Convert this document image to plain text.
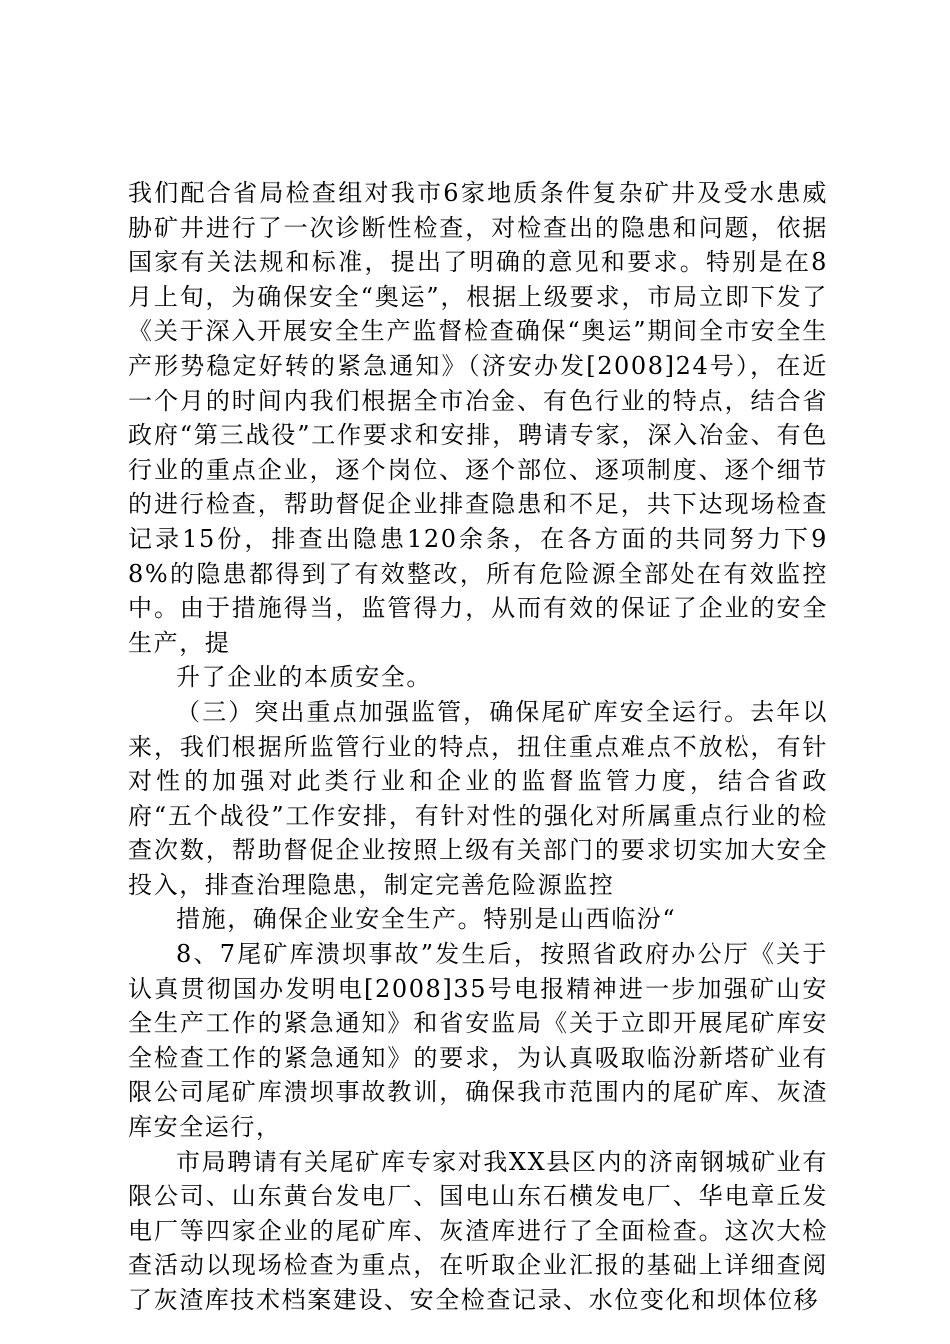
我们配合省局检查组对我市6家地质条件复杂矿井及受水患威胁矿井进行了一次诊断性检查，对检查出的隐患和问题，依据国家有关法规和标准，提出了明确的意见和要求。特别是在8月上旬，为确保安全“奥运”，根据上级要求，市局立即下发了《关于深入开展安全生产监督检查确保“奥运”期间全市安全生产形势稳定好转的紧急通知》（济安办发[2008]24号），在近一个月的时间内我们根据全市冶金、有色行业的特点，结合省政府“第三战役”工作要求和安排，聘请专家，深入冶金、有色行业的重点企业，逐个岗位、逐个部位、逐项制度、逐个细节的进行检查，帮助督促企业排查隐患和不足，共下达现场检查记录15份，排查出隐患120余条，在各方面的共同努力下98%的隐患都得到了有效整改，所有危险源全部处在有效监控中。由于措施得当，监管得力，从而有效的保证了企业的安全生产，提

升了企业的本质安全。

（三）突出重点加强监管，确保尾矿库安全运行。去年以来，我们根据所监管行业的特点，扭住重点难点不放松，有针对性的加强对此类行业和企业的监督监管力度，结合省政府“五个战役”工作安排，有针对性的强化对所属重点行业的检查次数，帮助督促企业按照上级有关部门的要求切实加大安全投入，排查治理隐患，制定完善危险源监控

措施，确保企业安全生产。特别是山西临汾“

8、7尾矿库溃坝事故”发生后，按照省政府办公厅《关于认真贯彻国办发明电[2008]35号电报精神进一步加强矿山安全生产工作的紧急通知》和省安监局《关于立即开展尾矿库安全检查工作的紧急通知》的要求，为认真吸取临汾新塔矿业有限公司尾矿库溃坝事故教训，确保我市范围内的尾矿库、灰渣库安全运行，

市局聘请有关尾矿库专家对我XX县区内的济南钢城矿业有限公司、山东黄台发电厂、国电山东石横发电厂、华电章丘发电厂等四家企业的尾矿库、灰渣库进行了全面检查。这次大检查活动以现场检查为重点，在听取企业汇报的基础上详细查阅了灰渣库技术档案建设、安全检查记录、水位变化和坝体位移
